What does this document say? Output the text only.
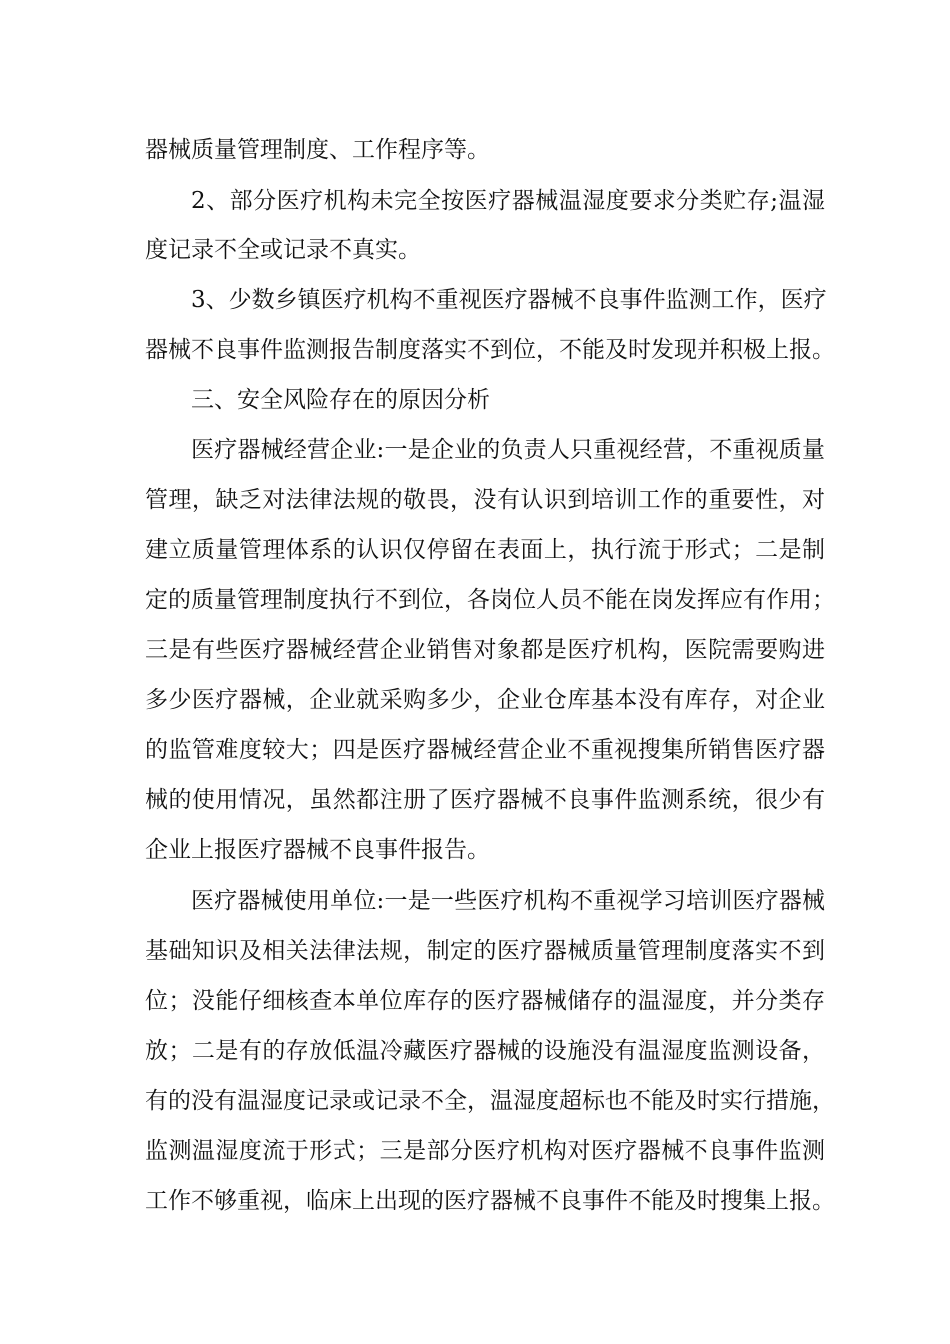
器械质量管理制度、工作程序等。
2、部分医疗机构未完全按医疗器械温湿度要求分类贮存;温湿
度记录不全或记录不真实。
3、少数乡镇医疗机构不重视医疗器械不良事件监测工作，医疗
器械不良事件监测报告制度落实不到位，不能及时发现并积极上报。
三、安全风险存在的原因分析
医疗器械经营企业:一是企业的负责人只重视经营，不重视质量
管理，缺乏对法律法规的敬畏，没有认识到培训工作的重要性，对
建立质量管理体系的认识仅停留在表面上，执行流于形式；二是制
定的质量管理制度执行不到位，各岗位人员不能在岗发挥应有作用；
三是有些医疗器械经营企业销售对象都是医疗机构，医院需要购进
多少医疗器械，企业就采购多少，企业仓库基本没有库存，对企业
的监管难度较大；四是医疗器械经营企业不重视搜集所销售医疗器
械的使用情况，虽然都注册了医疗器械不良事件监测系统，很少有
企业上报医疗器械不良事件报告。
医疗器械使用单位:一是一些医疗机构不重视学习培训医疗器械
基础知识及相关法律法规，制定的医疗器械质量管理制度落实不到
位；没能仔细核查本单位库存的医疗器械储存的温湿度，并分类存
放；二是有的存放低温冷藏医疗器械的设施没有温湿度监测设备，
有的没有温湿度记录或记录不全，温湿度超标也不能及时实行措施，
监测温湿度流于形式；三是部分医疗机构对医疗器械不良事件监测
工作不够重视，临床上出现的医疗器械不良事件不能及时搜集上报。
